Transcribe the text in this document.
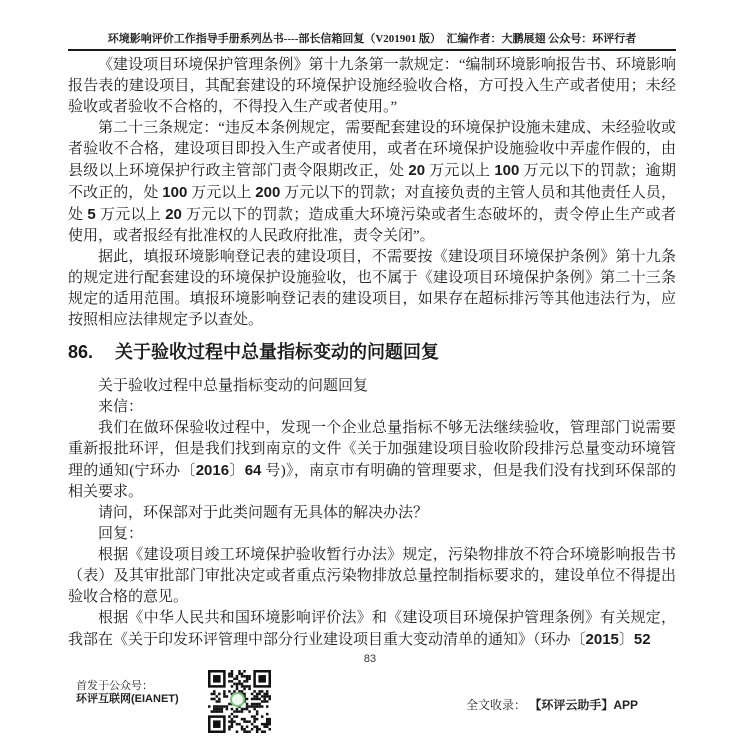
环境影响评价工作指导手册系列丛书----部长信箱回复（V201901 版）　汇编作者：大鹏展翅 公众号：环评行者

《建设项目环境保护管理条例》第十九条第一款规定：“编制环境影响报告书、环境影响报告表的建设项目，其配套建设的环境保护设施经验收合格，方可投入生产或者使用；未经验收或者验收不合格的，不得投入生产或者使用。”

第二十三条规定：“违反本条例规定，需要配套建设的环境保护设施未建成、未经验收或者验收不合格，建设项目即投入生产或者使用，或者在环境保护设施验收中弄虚作假的，由县级以上环境保护行政主管部门责令限期改正，处 20 万元以上 100 万元以下的罚款；逾期不改正的，处 100 万元以上 200 万元以下的罚款；对直接负责的主管人员和其他责任人员，处 5 万元以上 20 万元以下的罚款；造成重大环境污染或者生态破坏的，责令停止生产或者使用，或者报经有批准权的人民政府批准，责令关闭”。

据此，填报环境影响登记表的建设项目，不需要按《建设项目环境保护条例》第十九条的规定进行配套建设的环境保护设施验收，也不属于《建设项目环境保护条例》第二十三条规定的适用范围。填报环境影响登记表的建设项目，如果存在超标排污等其他违法行为，应按照相应法律规定予以查处。

86. 关于验收过程中总量指标变动的问题回复

关于验收过程中总量指标变动的问题回复

来信：

我们在做环保验收过程中，发现一个企业总量指标不够无法继续验收，管理部门说需要重新报批环评，但是我们找到南京的文件《关于加强建设项目验收阶段排污总量变动环境管理的通知(宁环办〔2016〕64 号)》，南京市有明确的管理要求，但是我们没有找到环保部的相关要求。

请问，环保部对于此类问题有无具体的解决办法？

回复：

根据《建设项目竣工环境保护验收暂行办法》规定，污染物排放不符合环境影响报告书（表）及其审批部门审批决定或者重点污染物排放总量控制指标要求的，建设单位不得提出验收合格的意见。

根据《中华人民共和国环境影响评价法》和《建设项目环境保护管理条例》有关规定，我部在《关于印发环评管理中部分行业建设项目重大变动清单的通知》（环办〔2015〕52

83
首发于公众号：
环评互联网(EIANET)	全文收录： 【环评云助手】APP
